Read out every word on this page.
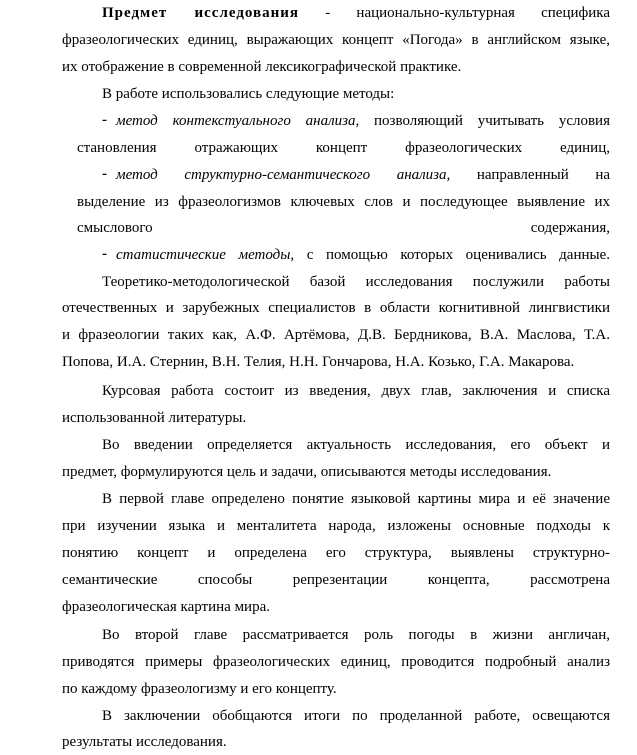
Предмет исследования - национально-культурная специфика
фразеологических единиц, выражающих концепт «Погода» в английском языке,
их отображение в современной лексикографической практике.
В работе использовались следующие методы:
- метод контекстуального анализа, позволяющий учитывать условия
становления отражающих концепт фразеологических единиц,
- метод структурно-семантического анализа, направленный на
выделение из фразеологизмов ключевых слов и последующее выявление их
смыслового содержания,
- статистические методы, с помощью которых оценивались данные.
Теоретико-методологической базой исследования послужили работы
отечественных и зарубежных специалистов в области когнитивной лингвистики
и фразеологии таких как, А.Ф. Артёмова, Д.В. Бердникова, В.А. Маслова, Т.А.
Попова, И.А. Стернин, В.Н. Телия, Н.Н. Гончарова, Н.А. Козько, Г.А. Макарова.
Курсовая работа состоит из введения, двух глав, заключения и списка
использованной литературы.
Во введении определяется актуальность исследования, его объект и
предмет, формулируются цель и задачи, описываются методы исследования.
В первой главе определено понятие языковой картины мира и её значение
при изучении языка и менталитета народа, изложены основные подходы к
понятию концепт и определена его структура, выявлены структурно-
семантические способы репрезентации концепта, рассмотрена
фразеологическая картина мира.
Во второй главе рассматривается роль погоды в жизни англичан,
приводятся примеры фразеологических единиц, проводится подробный анализ
по каждому фразеологизму и его концепту.
В заключении обобщаются итоги по проделанной работе, освещаются
результаты исследования.
